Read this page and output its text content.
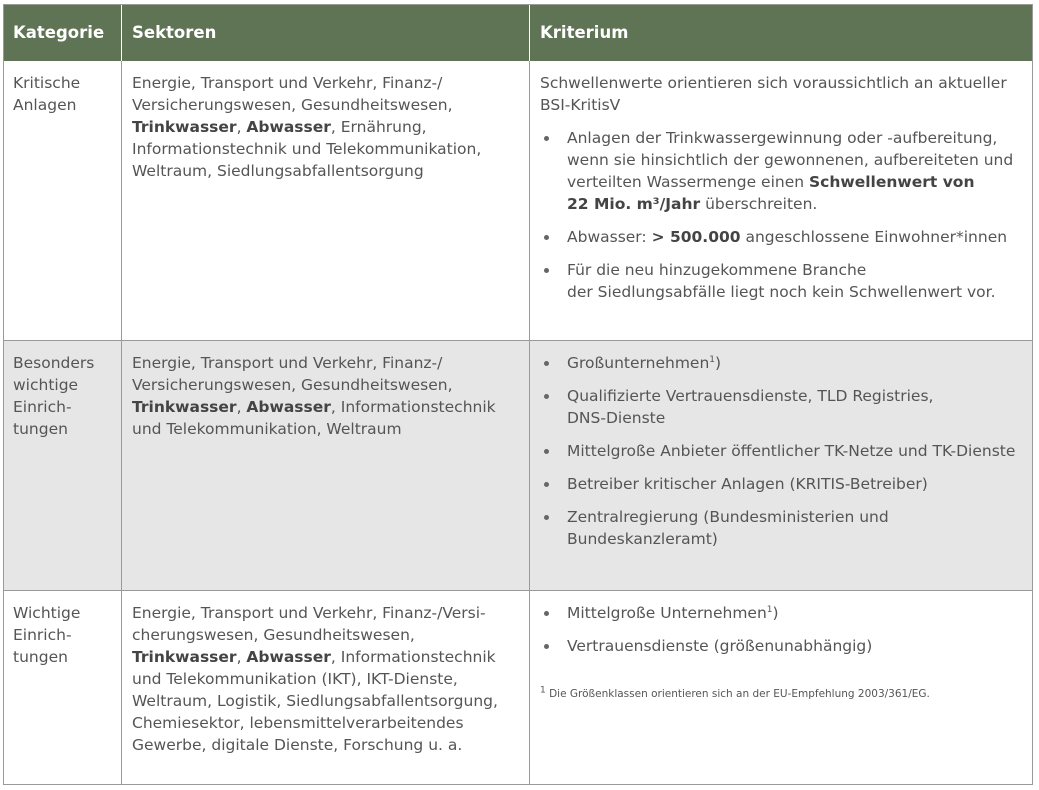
Kategorie	Sektoren	Kriterium
Kritische
Anlagen
Energie, Transport und Verkehr, Finanz-/
Versicherungswesen, Gesundheitswesen,
Trinkwasser, Abwasser, Ernährung,
Informationstechnik und Telekommunikation,
Weltraum, Siedlungsabfallentsorgung
Schwellenwerte orientieren sich voraussichtlich an aktueller
BSI-KritisV
Anlagen der Trinkwassergewinnung oder -aufbereitung,
wenn sie hinsichtlich der gewonnenen, aufbereiteten und
verteilten Wassermenge einen Schwellenwert von
22 Mio. m³/Jahr überschreiten.
Abwasser: > 500.000 angeschlossene Einwohner*innen
Für die neu hinzugekommene Branche
der Siedlungsabfälle liegt noch kein Schwellenwert vor.
Besonders
wichtige
Einrich-
tungen
Energie, Transport und Verkehr, Finanz-/
Versicherungswesen, Gesundheitswesen,
Trinkwasser, Abwasser, Informationstechnik
und Telekommunikation, Weltraum
Großunternehmen$^1$)
Qualifizierte Vertrauensdienste, TLD Registries,
DNS-Dienste
Mittelgroße Anbieter öffentlicher TK-Netze und TK-Dienste
Betreiber kritischer Anlagen (KRITIS-Betreiber)
Zentralregierung (Bundesministerien und
Bundeskanzleramt)
Wichtige
Einrich-
tungen
Energie, Transport und Verkehr, Finanz-/Versi-
cherungswesen, Gesundheitswesen,
Trinkwasser, Abwasser, Informationstechnik
und Telekommunikation (IKT), IKT-Dienste,
Weltraum, Logistik, Siedlungsabfallentsorgung,
Chemiesektor, lebensmittelverarbeitendes
Gewerbe, digitale Dienste, Forschung u. a.
Mittelgroße Unternehmen$^1$)
Vertrauensdienste (größenunabhängig)
$^1$ Die Größenklassen orientieren sich an der EU-Empfehlung 2003/361/EG.
